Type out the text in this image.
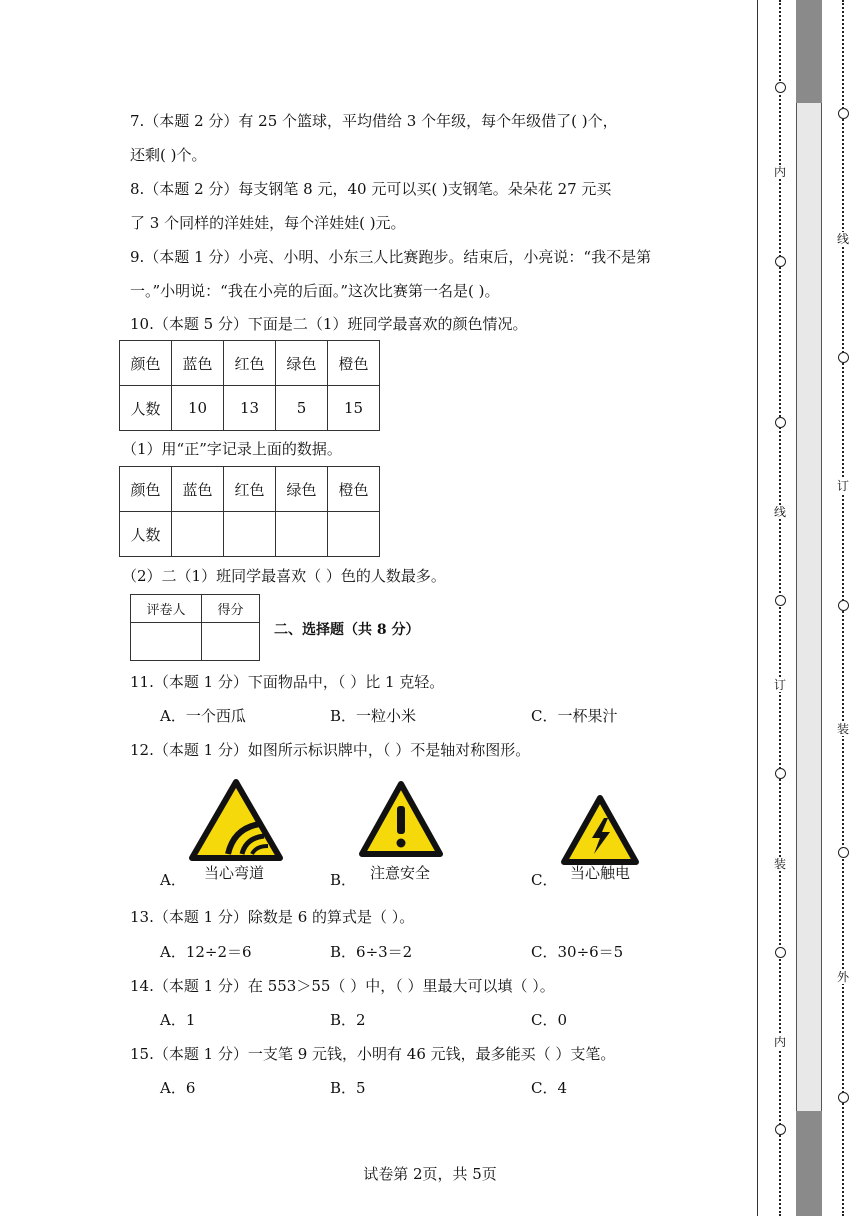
7.（本题 2 分）有 25 个篮球，平均借给 3 个年级，每个年级借了( )个，
还剩( )个。
8.（本题 2 分）每支钢笔 8 元，40 元可以买( )支钢笔。朵朵花 27 元买
了 3 个同样的洋娃娃，每个洋娃娃( )元。
9.（本题 1 分）小亮、小明、小东三人比赛跑步。结束后，小亮说：“我不是第
一。”小明说：“我在小亮的后面。”这次比赛第一名是( )。
10.（本题 5 分）下面是二（1）班同学最喜欢的颜色情况。
颜色	蓝色	红色	绿色	橙色
人数	10	13	5	15
（1）用“正”字记录上面的数据。
颜色	蓝色	红色	绿色	橙色
人数				
（2）二（1）班同学最喜欢（ ）色的人数最多。
评卷人	得分

二、选择题（共 8 分）
11.（本题 1 分）下面物品中，（ ）比 1 克轻。
A．一个西瓜	B．一粒小米	C．一杯果汁
12.（本题 1 分）如图所示标识牌中，（ ）不是轴对称图形。
A． 当心弯道	B． 注意安全	C． 当心触电
13.（本题 1 分）除数是 6 的算式是（ ）。
A．12÷2＝6	B．6÷3＝2	C．30÷6＝5
14.（本题 1 分）在 553＞55（ ）中，（ ）里最大可以填（ ）。
A．1	B．2	C．0
15.（本题 1 分）一支笔 9 元钱，小明有 46 元钱，最多能买（ ）支笔。
A．6	B．5	C．4
试卷第 2页，共 5页
内
线
订
装
内
线
订
装
外
